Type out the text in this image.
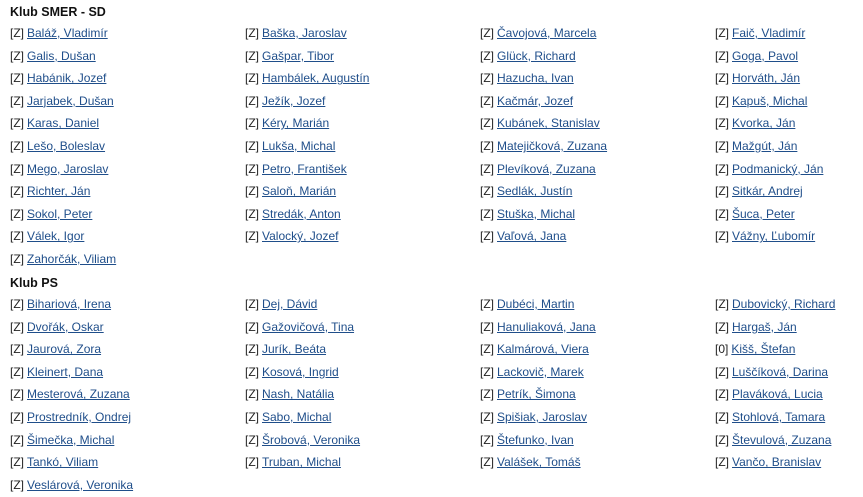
Klub SMER - SD
[Z] Baláž, Vladimír	[Z] Baška, Jaroslav	[Z] Čavojová, Marcela	[Z] Faič, Vladimír
[Z] Galis, Dušan	[Z] Gašpar, Tibor	[Z] Glück, Richard	[Z] Goga, Pavol
[Z] Habánik, Jozef	[Z] Hambálek, Augustín	[Z] Hazucha, Ivan	[Z] Horváth, Ján
[Z] Jarjabek, Dušan	[Z] Ježík, Jozef	[Z] Kačmár, Jozef	[Z] Kapuš, Michal
[Z] Karas, Daniel	[Z] Kéry, Marián	[Z] Kubánek, Stanislav	[Z] Kvorka, Ján
[Z] Lešo, Boleslav	[Z] Lukša, Michal	[Z] Matejičková, Zuzana	[Z] Mažgút, Ján
[Z] Mego, Jaroslav	[Z] Petro, František	[Z] Plevíková, Zuzana	[Z] Podmanický, Ján
[Z] Richter, Ján	[Z] Saloň, Marián	[Z] Sedlák, Justín	[Z] Sitkár, Andrej
[Z] Sokol, Peter	[Z] Stredák, Anton	[Z] Stuška, Michal	[Z] Šuca, Peter
[Z] Válek, Igor	[Z] Valocký, Jozef	[Z] Vaľová, Jana	[Z] Vážny, Ľubomír
[Z] Zahorčák, Viliam
Klub PS
[Z] Bihariová, Irena	[Z] Dej, Dávid	[Z] Dubéci, Martin	[Z] Dubovický, Richard
[Z] Dvořák, Oskar	[Z] Gažovičová, Tina	[Z] Hanuliaková, Jana	[Z] Hargaš, Ján
[Z] Jaurová, Zora	[Z] Jurík, Beáta	[Z] Kalmárová, Viera	[0] Kišš, Štefan
[Z] Kleinert, Dana	[Z] Kosová, Ingrid	[Z] Lackovič, Marek	[Z] Luščíková, Darina
[Z] Mesterová, Zuzana	[Z] Nash, Natália	[Z] Petrík, Šimona	[Z] Plaváková, Lucia
[Z] Prostredník, Ondrej	[Z] Sabo, Michal	[Z] Spišiak, Jaroslav	[Z] Stohlová, Tamara
[Z] Šimečka, Michal	[Z] Šrobová, Veronika	[Z] Štefunko, Ivan	[Z] Števulová, Zuzana
[Z] Tankó, Viliam	[Z] Truban, Michal	[Z] Valášek, Tomáš	[Z] Vančo, Branislav
[Z] Veslárová, Veronika
